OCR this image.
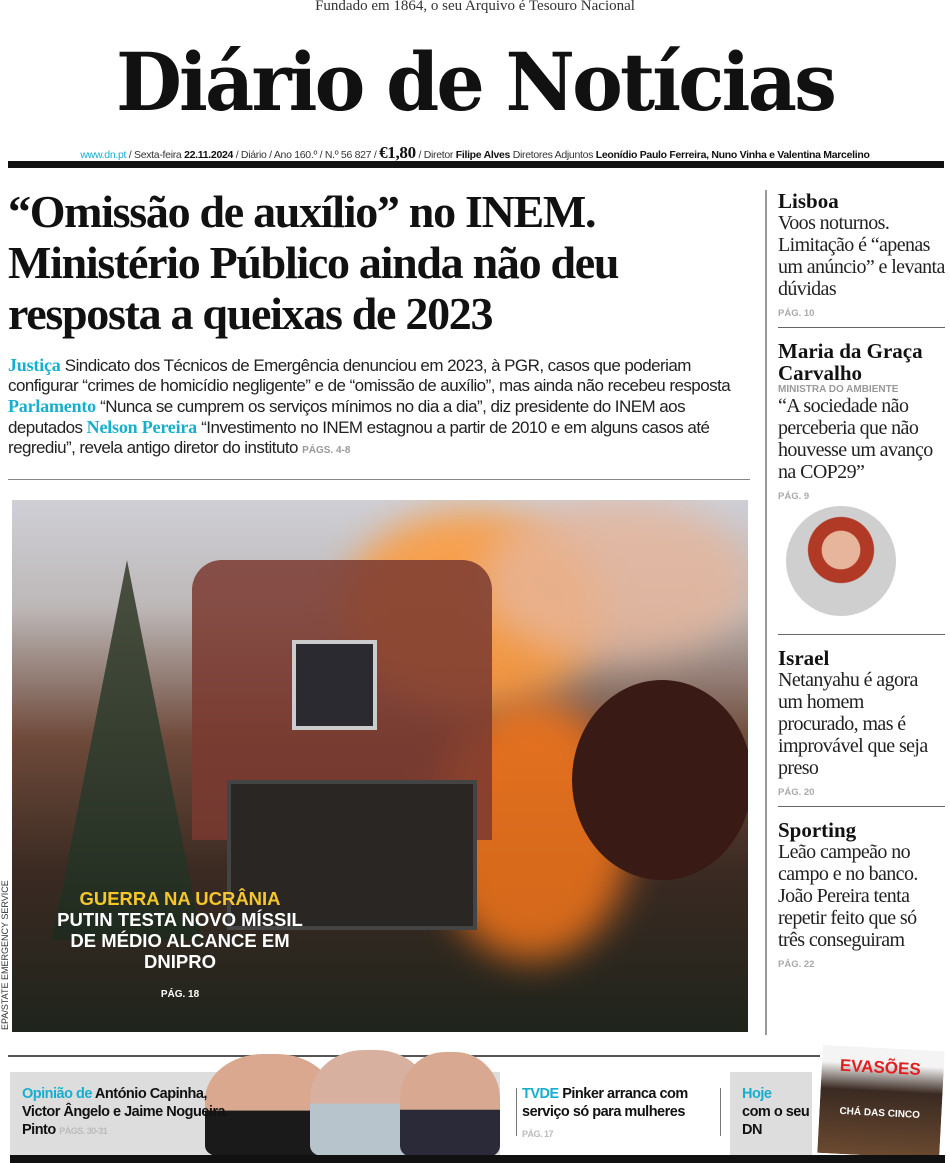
Fundado em 1864, o seu Arquivo é Tesouro Nacional
Diário de Notícias
www.dn.pt / Sexta-feira 22.11.2024 / Diário / Ano 160.º / N.º 56 827 / €1,80 / Diretor Filipe Alves Diretores Adjuntos Leonídio Paulo Ferreira, Nuno Vinha e Valentina Marcelino
“Omissão de auxílio” no INEM. Ministério Público ainda não deu resposta a queixas de 2023

Justiça Sindicato dos Técnicos de Emergência denunciou em 2023, à PGR, casos que poderiam configurar “crimes de homicídio negligente” e de “omissão de auxílio”, mas ainda não recebeu resposta Parlamento “Nunca se cumprem os serviços mínimos no dia a dia”, diz presidente do INEM aos deputados Nelson Pereira “Investimento no INEM estagnou a partir de 2010 e em alguns casos até regrediu”, revela antigo diretor do instituto PÁGS. 4-8

EPA/STATE EMERGENCY SERVICE	GUERRA NA UCRÂNIA
PUTIN TESTA NOVO MÍSSIL DE MÉDIO ALCANCE EM DNIPRO
PÁG. 18
Lisboa

Voos noturnos. Limitação é “apenas um anúncio” e levanta dúvidas

PÁG. 10
Maria da Graça Carvalho
MINISTRA DO AMBIENTE

“A sociedade não perceberia que não houvesse um avanço na COP29”

PÁG. 9
Israel

Netanyahu é agora um homem procurado, mas é improvável que seja preso

PÁG. 20
Sporting

Leão campeão no campo e no banco. João Pereira tenta repetir feito que só três conseguiram

PÁG. 22
Opinião de António Capinha, Victor Ângelo e Jaime Nogueira Pinto PÁGS. 30-31
TVDE Pinker arranca com serviço só para mulheres
PÁG. 17
Hoje
com o seu DN
EVASÕES
CHÁ DAS CINCO
